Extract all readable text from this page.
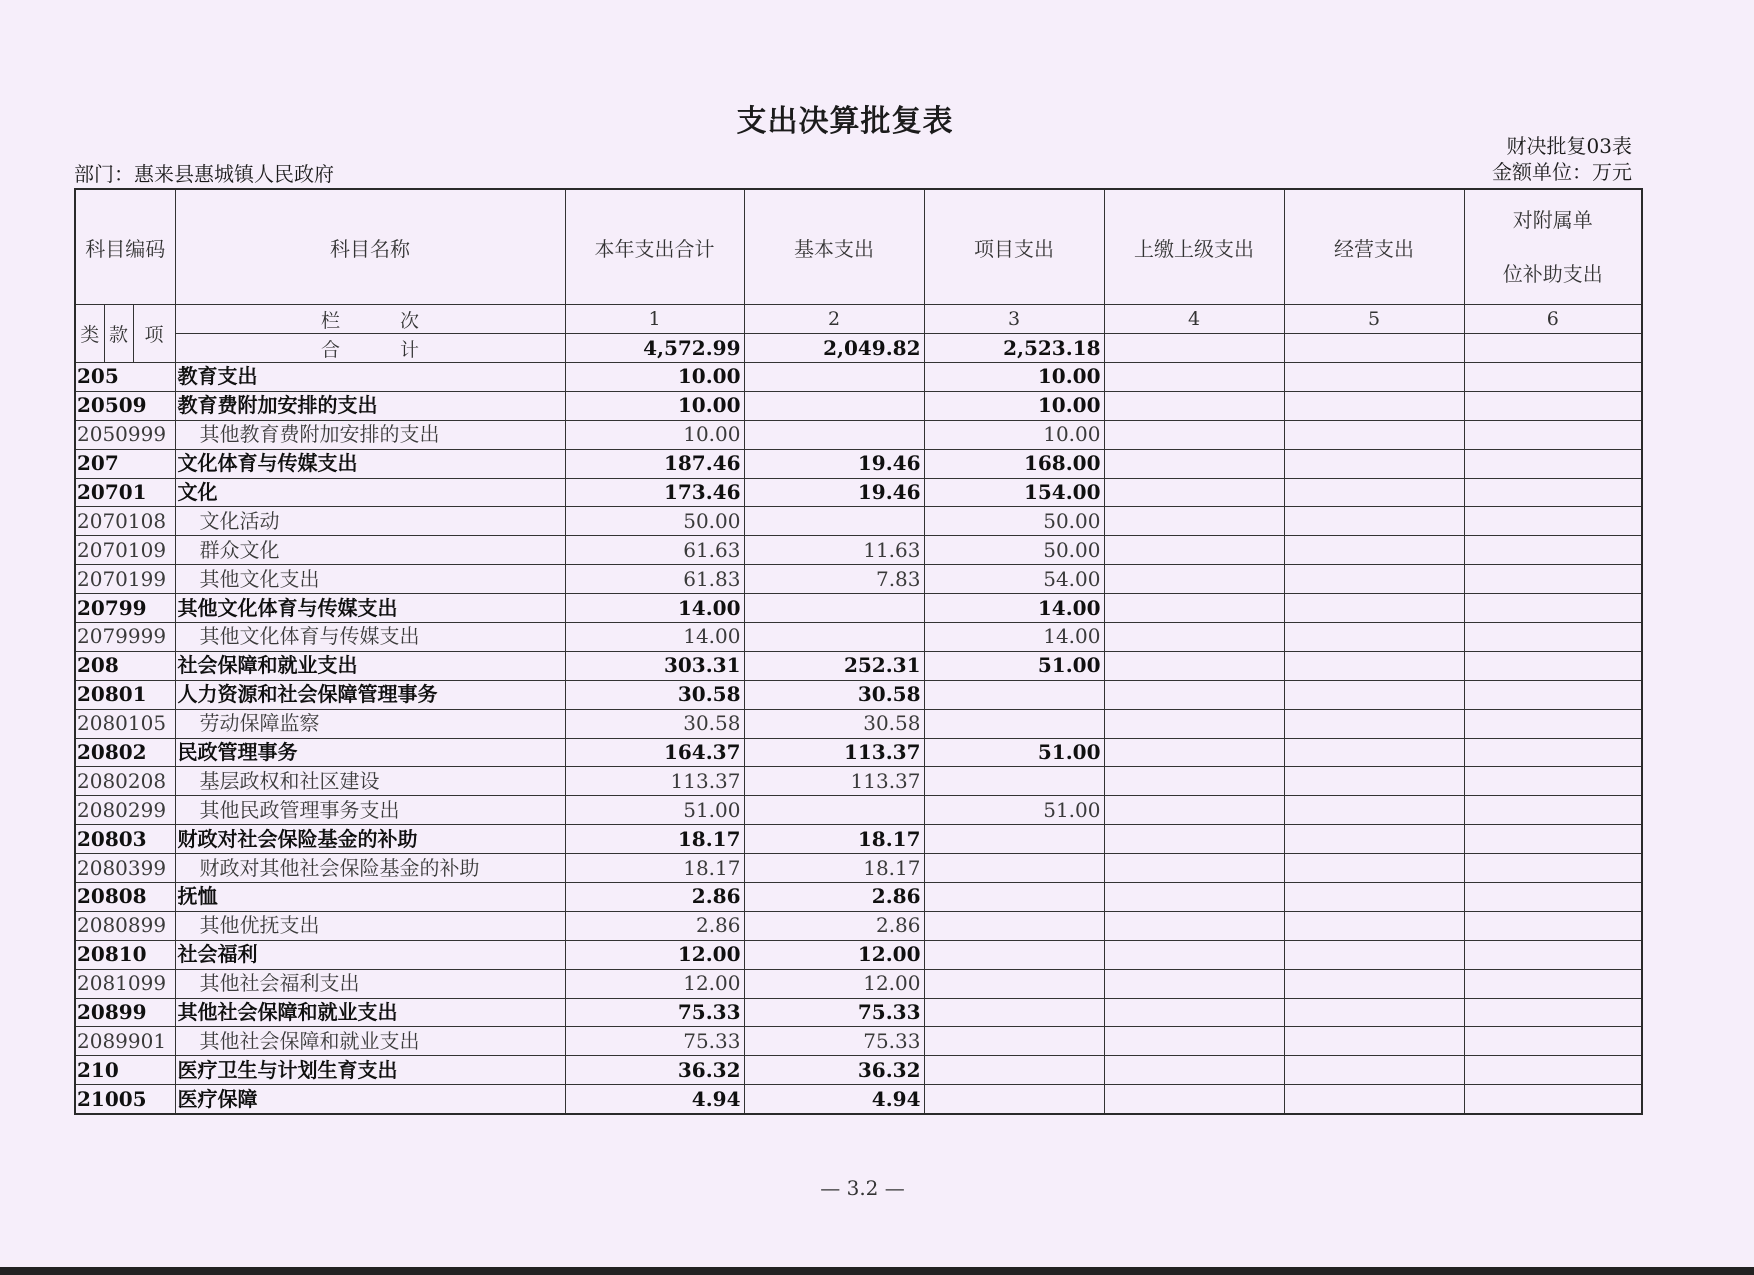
支出决算批复表
部门：惠来县惠城镇人民政府
财决批复03表
金额单位：万元
科目编码			科目名称	本年支出合计	基本支出	项目支出	上缴上级支出	经营支出	对附属单
位补助支出

类	款	项	栏次	1	2	3	4	5	6
			合计	4,572.99	2,049.82	2,523.18			
205			教育支出	10.00		10.00			
20509			教育费附加安排的支出	10.00		10.00			
2050999			其他教育费附加安排的支出	10.00		10.00			
207			文化体育与传媒支出	187.46	19.46	168.00			
20701			文化	173.46	19.46	154.00			
2070108			文化活动	50.00		50.00			
2070109			群众文化	61.63	11.63	50.00			
2070199			其他文化支出	61.83	7.83	54.00			
20799			其他文化体育与传媒支出	14.00		14.00			
2079999			其他文化体育与传媒支出	14.00		14.00			
208			社会保障和就业支出	303.31	252.31	51.00			
20801			人力资源和社会保障管理事务	30.58	30.58				
2080105			劳动保障监察	30.58	30.58				
20802			民政管理事务	164.37	113.37	51.00			
2080208			基层政权和社区建设	113.37	113.37				
2080299			其他民政管理事务支出	51.00		51.00			
20803			财政对社会保险基金的补助	18.17	18.17				
2080399			财政对其他社会保险基金的补助	18.17	18.17				
20808			抚恤	2.86	2.86				
2080899			其他优抚支出	2.86	2.86				
20810			社会福利	12.00	12.00				
2081099			其他社会福利支出	12.00	12.00				
20899			其他社会保障和就业支出	75.33	75.33				
2089901			其他社会保障和就业支出	75.33	75.33				
210			医疗卫生与计划生育支出	36.32	36.32				
21005			医疗保障	4.94	4.94				
— 3.2 —
